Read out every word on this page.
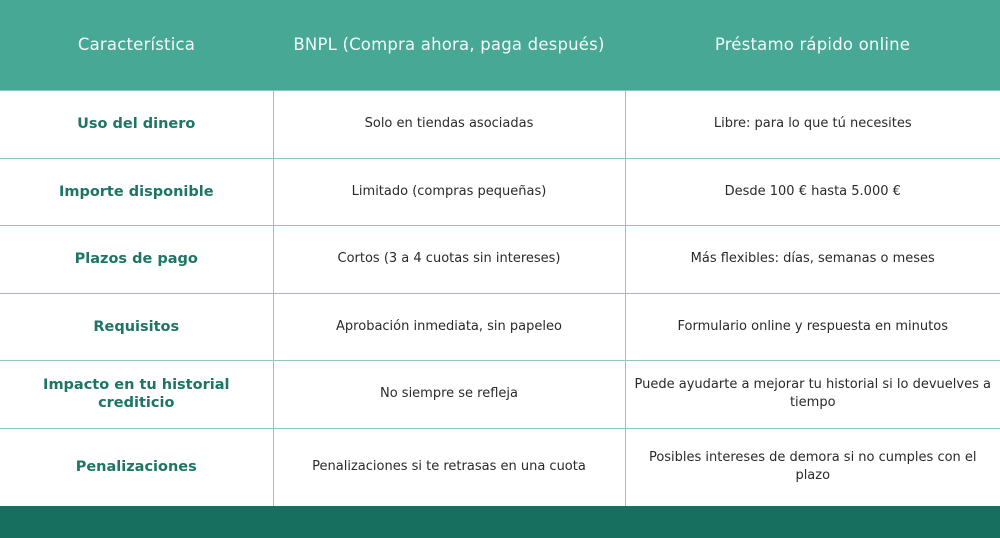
Característica	BNPL (Compra ahora, paga después)	Préstamo rápido online
Uso del dinero	Solo en tiendas asociadas	Libre: para lo que tú necesites
Importe disponible	Limitado (compras pequeñas)	Desde 100 € hasta 5.000 €
Plazos de pago	Cortos (3 a 4 cuotas sin intereses)	Más flexibles: días, semanas o meses
Requisitos	Aprobación inmediata, sin papeleo	Formulario online y respuesta en minutos
Impacto en tu historial crediticio	No siempre se refleja	Puede ayudarte a mejorar tu historial si lo devuelves a tiempo
Penalizaciones	Penalizaciones si te retrasas en una cuota	Posibles intereses de demora si no cumples con el plazo
